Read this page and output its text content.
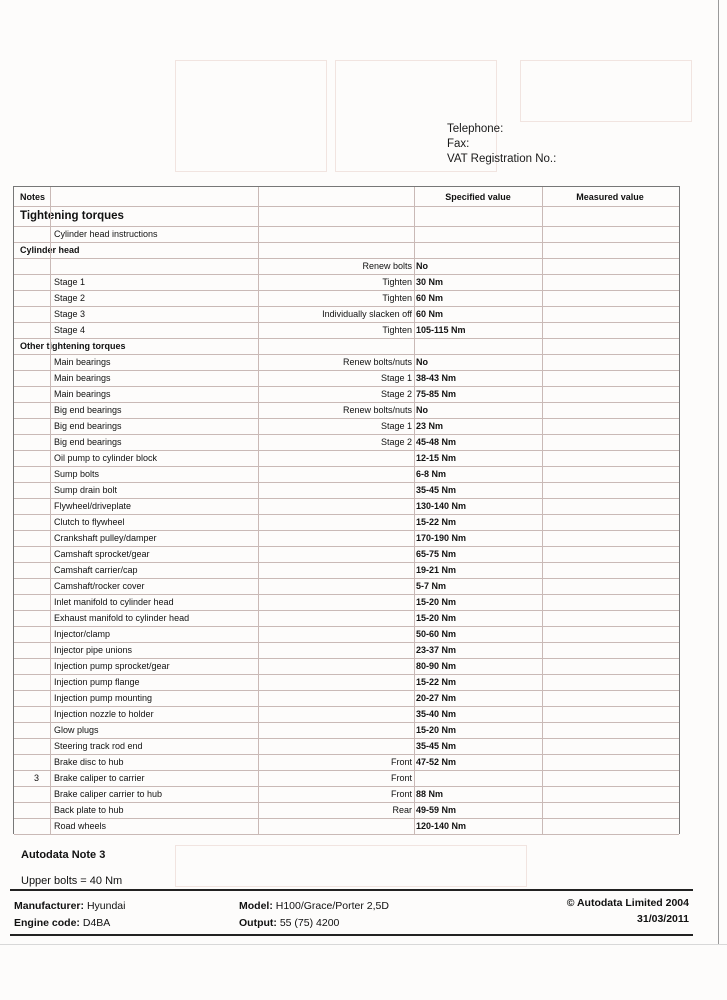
Telephone:
Fax:
VAT Registration No.:
Notes	Specified value	Measured value
Tightening torques
Cylinder head instructions
Cylinder head
Renew bolts No
Stage 1	Tighten 30 Nm
Stage 2	Tighten 60 Nm
Stage 3	Individually slacken off 60 Nm
Stage 4	Tighten 105-115 Nm
Other tightening torques
Main bearings	Renew bolts/nuts No
Main bearings	Stage 1 38-43 Nm
Main bearings	Stage 2 75-85 Nm
Big end bearings	Renew bolts/nuts No
Big end bearings	Stage 1 23 Nm
Big end bearings	Stage 2 45-48 Nm
Oil pump to cylinder block	12-15 Nm
Sump bolts	6-8 Nm
Sump drain bolt	35-45 Nm
Flywheel/driveplate	130-140 Nm
Clutch to flywheel	15-22 Nm
Crankshaft pulley/damper	170-190 Nm
Camshaft sprocket/gear	65-75 Nm
Camshaft carrier/cap	19-21 Nm
Camshaft/rocker cover	5-7 Nm
Inlet manifold to cylinder head	15-20 Nm
Exhaust manifold to cylinder head	15-20 Nm
Injector/clamp	50-60 Nm
Injector pipe unions	23-37 Nm
Injection pump sprocket/gear	80-90 Nm
Injection pump flange	15-22 Nm
Injection pump mounting	20-27 Nm
Injection nozzle to holder	35-40 Nm
Glow plugs	15-20 Nm
Steering track rod end	35-45 Nm
Brake disc to hub	Front 47-52 Nm
3	Brake caliper to carrier	Front
Brake caliper carrier to hub	Front 88 Nm
Back plate to hub	Rear 49-59 Nm
Road wheels	120-140 Nm
Autodata Note 3
Upper bolts = 40 Nm
Manufacturer: Hyundai
Engine code: D4BA
Model: H100/Grace/Porter 2,5D
Output: 55 (75) 4200
© Autodata Limited 2004
31/03/2011
